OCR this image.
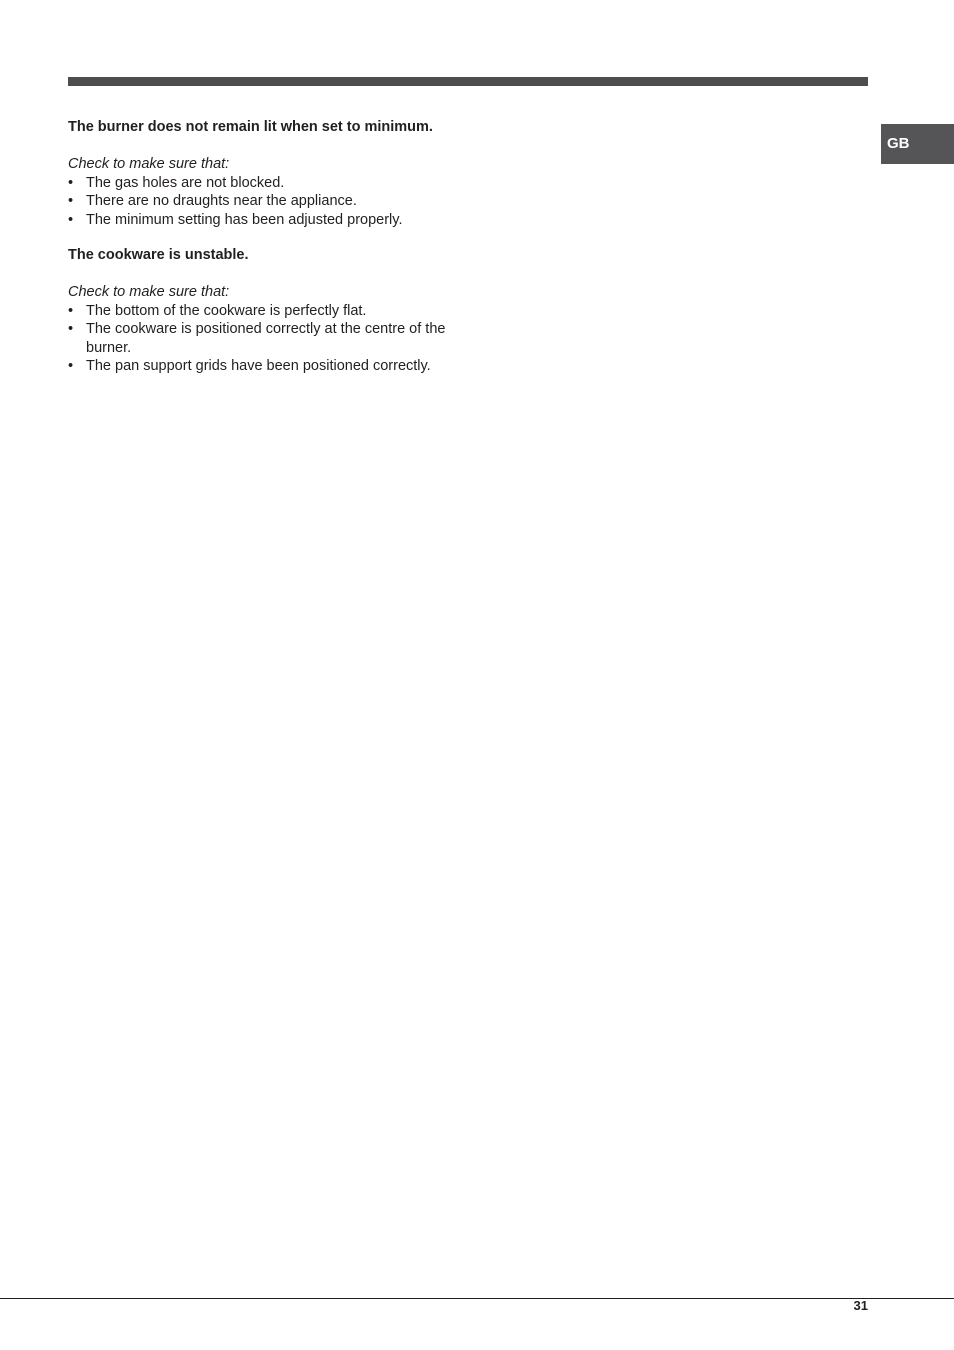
GB

The burner does not remain lit when set to minimum.

Check to make sure that:

• The gas holes are not blocked.
• There are no draughts near the appliance.
• The minimum setting has been adjusted properly.

The cookware is unstable.

Check to make sure that:

• The bottom of the cookware is perfectly flat.
• The cookware is positioned correctly at the centre of the burner.
• The pan support grids have been positioned correctly.
31
